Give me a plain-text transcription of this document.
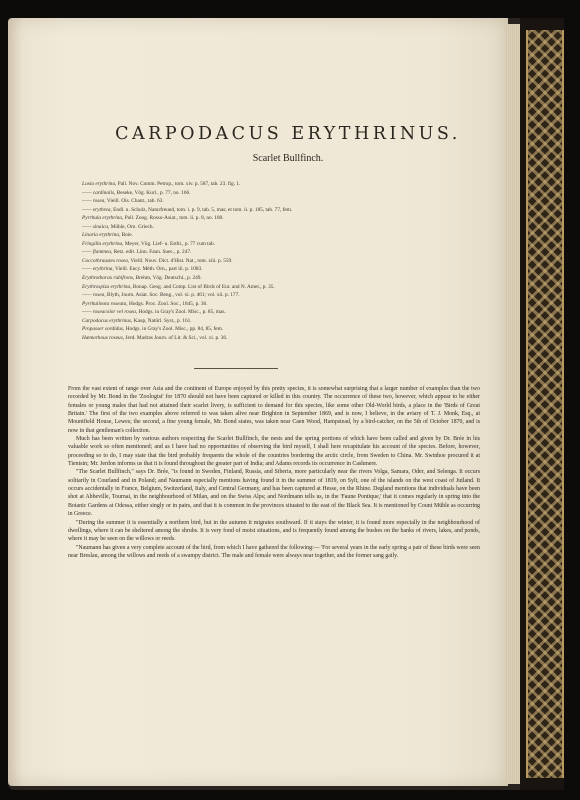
CARPODACUS ERYTHRINUS.
Scarlet Bullfinch.
Loxia erythrina, Pall. Nov. Comm. Petrop., tom. xiv. p. 587, tab. 23. fig. 1.
—— cardinalis, Beseke, Vög. Kurl., p. 77, no. 166.
—— rosea, Vieill. Ois. Chant., tab. 63.
—— erythrea, Endl. u. Scholz, Naturfreund, tom. i. p. 9, tab. 5, mas; et tom. ii. p. 185, tab. 77, fem.
Pyrrhula erythrina, Pall. Zoog. Rosso-Asiat., tom. ii. p. 8, no. 180.
—— sinaica, Mühle, Orn. Griech.
Linaria erythrina, Boie.
Fringilla erythrina, Meyer, Vög. Lief- u. Esthl., p. 77 cum tab.
—— flammea, Retz. edit. Linn. Faun. Suec., p. 247.
Coccothraustes rosea, Vieill. Nouv. Dict. d'Hist. Nat., tom. xiii. p. 559.
—— erythrina, Vieill. Ency. Méth. Orn., part iii. p. 1083.
Erythrothorax rubifrons, Brehm, Vög. Deutschl., p. 249.
Erythrospiza erythrina, Bonap. Geog. and Comp. List of Birds of Eur. and N. Amer., p. 35.
—— rosea, Blyth, Journ. Asiat. Soc. Beng., vol. xi. p. 461; vol. xii. p. 177.
Pyrrhulinota roseata, Hodgs. Proc. Zool. Soc., 1845, p. 36.
—— roseacolor vel rosea, Hodgs. in Gray's Zool. Misc., p. 85, mas.
Carpodacus erythrinus, Kaup, Natürl. Syst., p. 161.
Propasser sordidus, Hodgs. in Gray's Zool. Misc., pp. 84, 85, fem.
Hæmorhous roseus, Jerd. Madras Journ. of Lit. & Sci., vol. xi. p. 36.

From the vast extent of range over Asia and the continent of Europe enjoyed by this pretty species, it is somewhat surprising that a larger number of examples than the two recorded by Mr. Bond in the 'Zoologist' for 1870 should not have been captured or killed in this country. The occurrence of these two, however, which appear to be either females or young males that had not attained their scarlet livery, is sufficient to demand for this species, like some other Old-World birds, a place in the 'Birds of Great Britain.' The first of the two examples above referred to was taken alive near Brighton in September 1869, and is now, I believe, in the aviary of T. J. Monk, Esq., at Mountfield House, Lewes; the second, a fine young female, Mr. Bond states, was taken near Caen Wood, Hampstead, by a bird-catcher, on the 5th of October 1870, and is now in that gentleman's collection.

Much has been written by various authors respecting the Scarlet Bullfinch, the nests and the spring portions of which have been called and given by Dr. Brée in his valuable work so often mentioned; and as I have had no opportunities of observing the bird myself, I shall here recapitulate his account of the species. Before, however, proceeding so to do, I may state that the bird probably frequents the whole of the countries bordering the arctic circle, from Sweden to China. Mr. Swinhoe procured it at Tientsin; Mr. Jerdon informs us that it is found throughout the greater part of India; and Adams records its occurrence in Cashmere.

"The Scarlet Bullfinch," says Dr. Brée, "is found in Sweden, Finland, Russia, and Siberia, more particularly near the rivers Volga, Samara, Oder, and Selenga. It occurs solitarily in Courland and in Poland; and Naumann especially mentions having found it in the summer of 1819, on Sylt, one of the islands on the west coast of Jutland. It occurs accidentally in France, Belgium, Switzerland, Italy, and Central Germany, and has been captured at Hesse, on the Rhine. Degland mentions that individuals have been shot at Abbeville, Tournai, in the neighbourhood of Milan, and on the Swiss Alps; and Nordmann tells us, in the 'Faune Pontique,' that it comes regularly in spring into the Botanic Gardens at Odessa, either singly or in pairs, and that it is common in the provinces situated to the east of the Black Sea. It is mentioned by Count Mühle as occurring in Greece.

"During the summer it is essentially a northern bird, but in the autumn it migrates southward. If it stays the winter, it is found more especially in the neighbourhood of dwellings, where it can be sheltered among the shrubs. It is very fond of moist situations, and is frequently found among the bushes on the banks of rivers, lakes, and ponds, where it may be seen on the willows or reeds.

"Naumann has given a very complete account of the bird, from which I have gathered the following:— 'For several years in the early spring a pair of these birds were seen near Breslau, among the willows and reeds of a swampy district. The male and female were always near together, and the former sang gaily.
